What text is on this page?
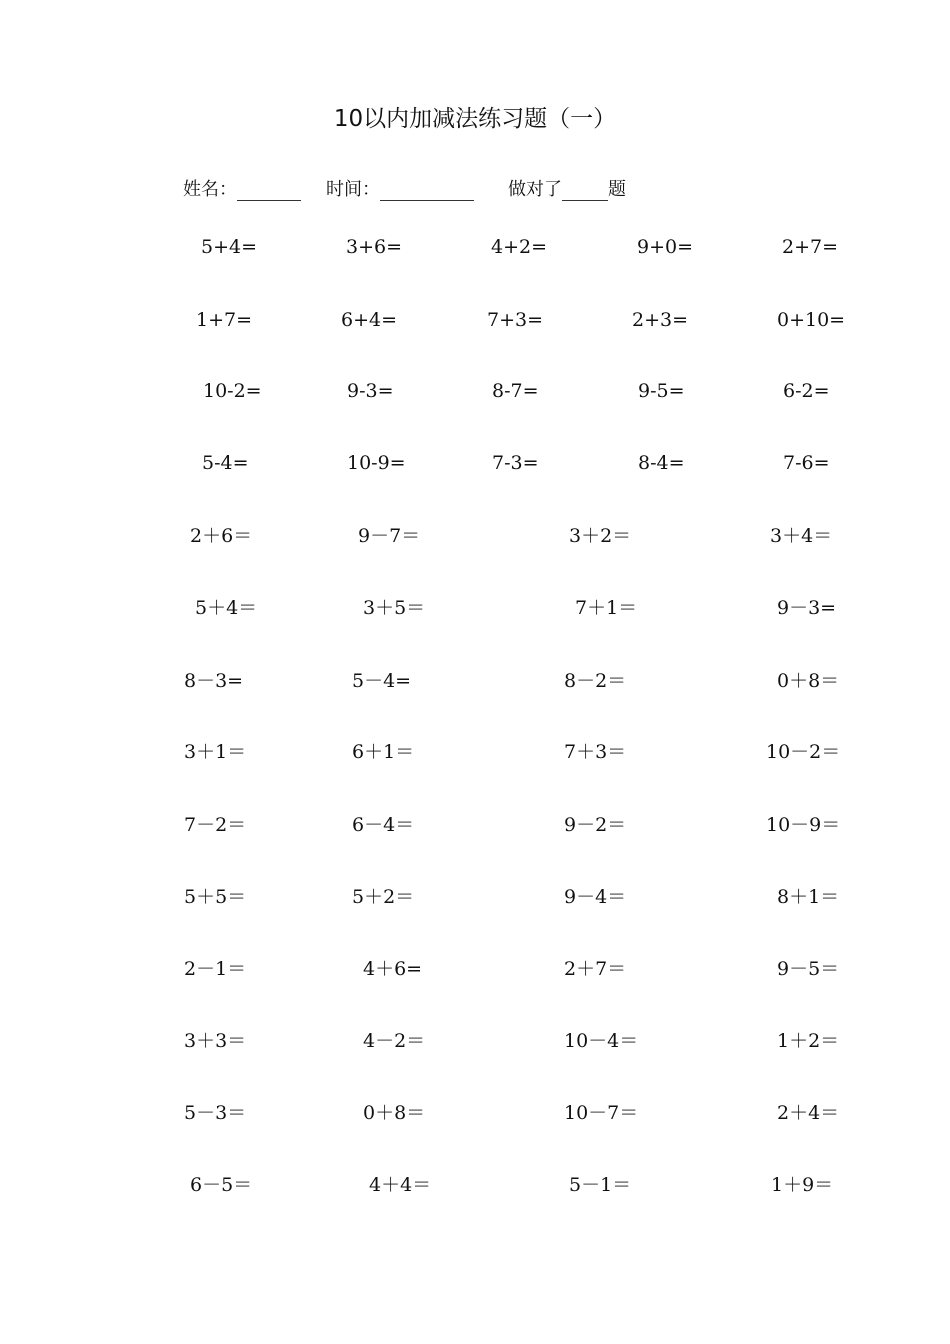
10以内加减法练习题（一）
姓名：	时间：	做对了	题
5+4=	3+6=	4+2=	9+0=	2+7=
1+7=	6+4=	7+3=	2+3=	0+10=
10-2=	9-3=	8-7=	9-5=	6-2=
5-4=	10-9=	7-3=	8-4=	7-6=
2＋6＝	9－7＝	3＋2＝	3＋4＝
5＋4＝	3＋5＝	7＋1＝	9－3=
8－3=	5－4=	8－2＝	0＋8＝
3＋1＝	6＋1＝	7＋3＝	10－2＝
7－2＝	6－4＝	9－2＝	10－9＝
5＋5＝	5＋2＝	9－4＝	8＋1＝
2－1＝	4＋6=	2＋7＝	9－5＝
3＋3＝	4－2＝	10－4＝	1＋2＝
5－3＝	0＋8＝	10－7＝	2＋4＝
6－5＝	4＋4＝	5－1＝	1＋9＝
